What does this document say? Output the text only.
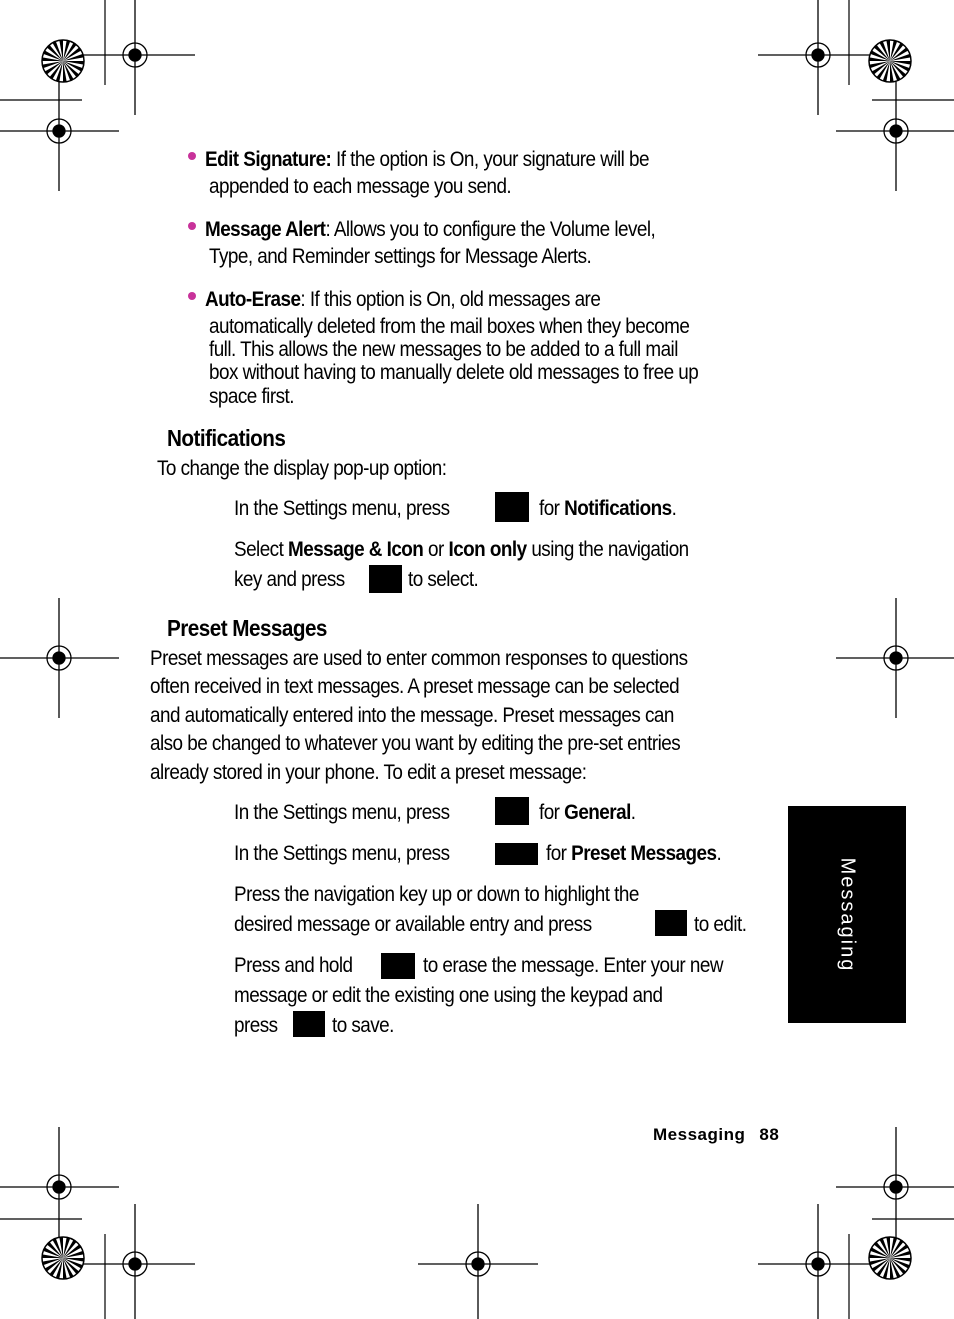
Edit Signature: If the option is On, your signature will be
appended to each message you send.
Message Alert: Allows you to configure the Volume level,
Type, and Reminder settings for Message Alerts.
Auto-Erase: If this option is On, old messages are
automatically deleted from the mail boxes when they become
full. This allows the new messages to be added to a full mail
box without having to manually delete old messages to free up
space first.
Notifications
To change the display pop-up option:
In the Settings menu, press	for Notifications.
Select Message & Icon or Icon only using the navigation
key and press	to select.
Preset Messages
Preset messages are used to enter common responses to questions
often received in text messages. A preset message can be selected
and automatically entered into the message. Preset messages can
also be changed to whatever you want by editing the pre-set entries
already stored in your phone. To edit a preset message:
In the Settings menu, press	for General.
In the Settings menu, press	for Preset Messages.
Press the navigation key up or down to highlight the
desired message or available entry and press	to edit.
Press and hold	to erase the message. Enter your new
message or edit the existing one using the keypad and
press	to save.
Messaging
Messaging 88
